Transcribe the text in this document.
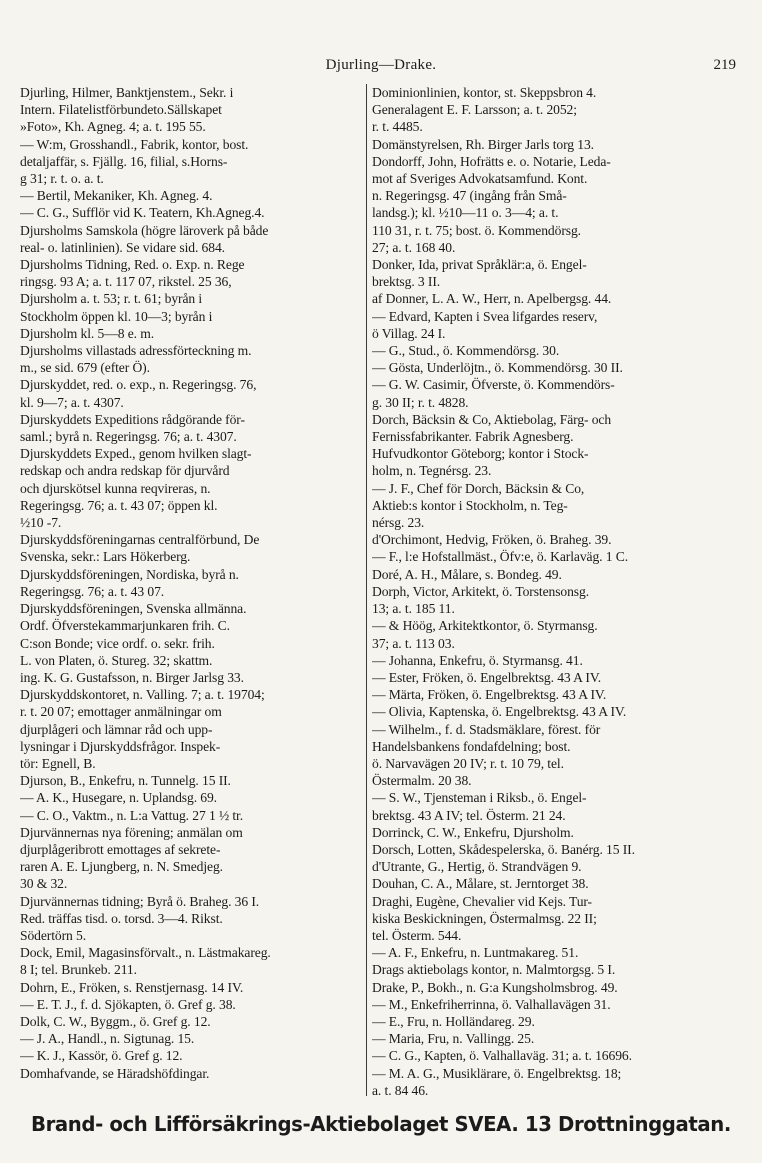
Djurling—Drake.	219
Djurling, Hilmer, Banktjenstem., Sekr. i
Intern. Filatelistförbundeto.Sällskapet
»Foto», Kh. Agneg. 4; a. t. 195 55.
— W:m, Grosshandl., Fabrik, kontor, bost.
detaljaffär, s. Fjällg. 16, filial, s.Horns-
g 31; r. t. o. a. t.
— Bertil, Mekaniker, Kh. Agneg. 4.
— C. G., Sufflör vid K. Teatern, Kh.Agneg.4.
Djursholms Samskola (högre läroverk på både
real- o. latinlinien). Se vidare sid. 684.
Djursholms Tidning, Red. o. Exp. n. Rege
ringsg. 93 A; a. t. 117 07, rikstel. 25 36,
Djursholm a. t. 53; r. t. 61; byrån i
Stockholm öppen kl. 10—3; byrån i
Djursholm kl. 5—8 e. m.
Djursholms villastads adressförteckning m.
m., se sid. 679 (efter Ö).
Djurskyddet, red. o. exp., n. Regeringsg. 76,
kl. 9—7; a. t. 4307.
Djurskyddets Expeditions rådgörande för-
saml.; byrå n. Regeringsg. 76; a. t. 4307.
Djurskyddets Exped., genom hvilken slagt-
redskap och andra redskap för djurvård
och djurskötsel kunna reqvireras, n.
Regeringsg. 76; a. t. 43 07; öppen kl.
½10 -7.
Djurskyddsföreningarnas centralförbund, De
Svenska, sekr.: Lars Hökerberg.
Djurskyddsföreningen, Nordiska, byrå n.
Regeringsg. 76; a. t. 43 07.
Djurskyddsföreningen, Svenska allmänna.
Ordf. Öfverstekammarjunkaren frih. C.
C:son Bonde; vice ordf. o. sekr. frih.
L. von Platen, ö. Stureg. 32; skattm.
ing. K. G. Gustafsson, n. Birger Jarlsg 33.
Djurskyddskontoret, n. Valling. 7; a. t. 19704;
r. t. 20 07; emottager anmälningar om
djurplågeri och lämnar råd och upp-
lysningar i Djurskyddsfrågor. Inspek-
tör: Egnell, B.
Djurson, B., Enkefru, n. Tunnelg. 15 II.
— A. K., Husegare, n. Uplandsg. 69.
— C. O., Vaktm., n. L:a Vattug. 27 1 ½ tr.
Djurvännernas nya förening; anmälan om
djurplågeribrott emottages af sekrete-
raren A. E. Ljungberg, n. N. Smedjeg.
30 & 32.
Djurvännernas tidning; Byrå ö. Braheg. 36 I.
Red. träffas tisd. o. torsd. 3—4. Rikst.
Södertörn 5.
Dock, Emil, Magasinsförvalt., n. Lästmakareg.
8 I; tel. Brunkeb. 211.
Dohrn, E., Fröken, s. Renstjernasg. 14 IV.
— E. T. J., f. d. Sjökapten, ö. Gref g. 38.
Dolk, C. W., Byggm., ö. Gref g. 12.
— J. A., Handl., n. Sigtunag. 15.
— K. J., Kassör, ö. Gref g. 12.
Domhafvande, se Häradshöfdingar.
Dominionlinien, kontor, st. Skeppsbron 4.
Generalagent E. F. Larsson; a. t. 2052;
r. t. 4485.
Domänstyrelsen, Rh. Birger Jarls torg 13.
Dondorff, John, Hofrätts e. o. Notarie, Leda-
mot af Sveriges Advokatsamfund. Kont.
n. Regeringsg. 47 (ingång från Små-
landsg.); kl. ½10—11 o. 3—4; a. t.
110 31, r. t. 75; bost. ö. Kommendörsg.
27; a. t. 168 40.
Donker, Ida, privat Språklär:a, ö. Engel-
brektsg. 3 II.
af Donner, L. A. W., Herr, n. Apelbergsg. 44.
— Edvard, Kapten i Svea lifgardes reserv,
ö Villag. 24 I.
— G., Stud., ö. Kommendörsg. 30.
— Gösta, Underlöjtn., ö. Kommendörsg. 30 II.
— G. W. Casimir, Öfverste, ö. Kommendörs-
g. 30 II; r. t. 4828.
Dorch, Bäcksin & Co, Aktiebolag, Färg- och
Fernissfabrikanter. Fabrik Agnesberg.
Hufvudkontor Göteborg; kontor i Stock-
holm, n. Tegnérsg. 23.
— J. F., Chef för Dorch, Bäcksin & Co,
Aktieb:s kontor i Stockholm, n. Teg-
nérsg. 23.
d'Orchimont, Hedvig, Fröken, ö. Braheg. 39.
— F., l:e Hofstallmäst., Öfv:e, ö. Karlaväg. 1 C.
Doré, A. H., Målare, s. Bondeg. 49.
Dorph, Victor, Arkitekt, ö. Torstensonsg.
13; a. t. 185 11.
— & Höög, Arkitektkontor, ö. Styrmansg.
37; a. t. 113 03.
— Johanna, Enkefru, ö. Styrmansg. 41.
— Ester, Fröken, ö. Engelbrektsg. 43 A IV.
— Märta, Fröken, ö. Engelbrektsg. 43 A IV.
— Olivia, Kaptenska, ö. Engelbrektsg. 43 A IV.
— Wilhelm., f. d. Stadsmäklare, förest. för
Handelsbankens fondafdelning; bost.
ö. Narvavägen 20 IV; r. t. 10 79, tel.
Östermalm. 20 38.
— S. W., Tjensteman i Riksb., ö. Engel-
brektsg. 43 A IV; tel. Österm. 21 24.
Dorrinck, C. W., Enkefru, Djursholm.
Dorsch, Lotten, Skådespelerska, ö. Banérg. 15 II.
d'Utrante, G., Hertig, ö. Strandvägen 9.
Douhan, C. A., Målare, st. Jerntorget 38.
Draghi, Eugène, Chevalier vid Kejs. Tur-
kiska Beskickningen, Östermalmsg. 22 II;
tel. Österm. 544.
— A. F., Enkefru, n. Luntmakareg. 51.
Drags aktiebolags kontor, n. Malmtorgsg. 5 I.
Drake, P., Bokh., n. G:a Kungsholmsbrog. 49.
— M., Enkefriherrinna, ö. Valhallavägen 31.
— E., Fru, n. Holländareg. 29.
— Maria, Fru, n. Vallingg. 25.
— C. G., Kapten, ö. Valhallaväg. 31; a. t. 16696.
— M. A. G., Musiklärare, ö. Engelbrektsg. 18;
a. t. 84 46.
Brand- och Lifförsäkrings-Aktiebolaget SVEA. 13 Drottninggatan.
